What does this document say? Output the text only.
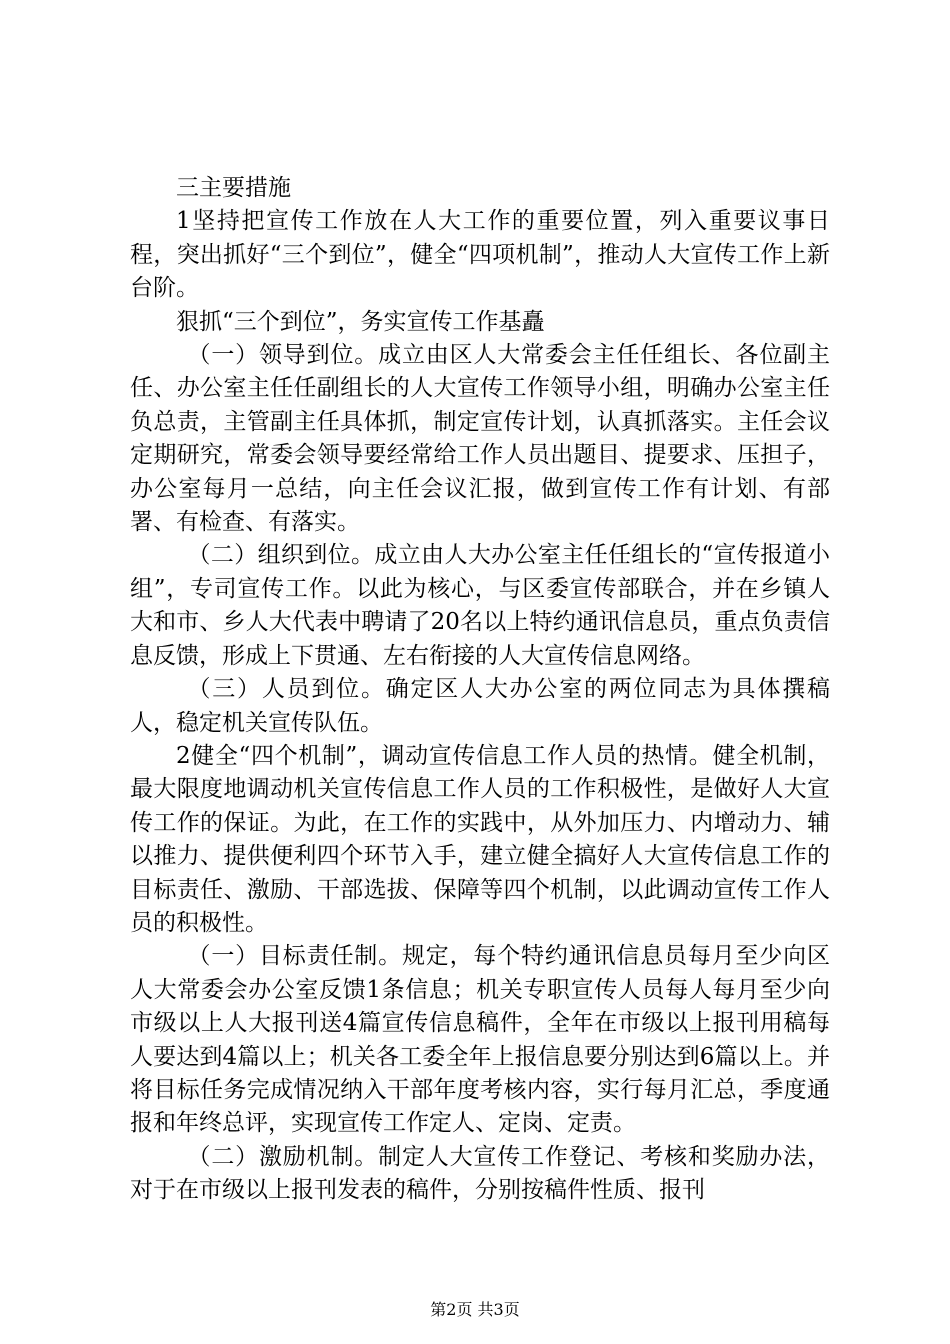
三主要措施

1坚持把宣传工作放在人大工作的重要位置，列入重要议事日程，突出抓好“三个到位”，健全“四项机制”，推动人大宣传工作上新台阶。

狠抓“三个到位”，务实宣传工作基矗

（一）领导到位。成立由区人大常委会主任任组长、各位副主任、办公室主任任副组长的人大宣传工作领导小组，明确办公室主任负总责，主管副主任具体抓，制定宣传计划，认真抓落实。主任会议定期研究，常委会领导要经常给工作人员出题目、提要求、压担子，办公室每月一总结，向主任会议汇报，做到宣传工作有计划、有部署、有检查、有落实。

（二）组织到位。成立由人大办公室主任任组长的“宣传报道小组”，专司宣传工作。以此为核心，与区委宣传部联合，并在乡镇人大和市、乡人大代表中聘请了20名以上特约通讯信息员，重点负责信息反馈，形成上下贯通、左右衔接的人大宣传信息网络。

（三）人员到位。确定区人大办公室的两位同志为具体撰稿人，稳定机关宣传队伍。

2健全“四个机制”，调动宣传信息工作人员的热情。健全机制，最大限度地调动机关宣传信息工作人员的工作积极性，是做好人大宣传工作的保证。为此，在工作的实践中，从外加压力、内增动力、辅以推力、提供便利四个环节入手，建立健全搞好人大宣传信息工作的目标责任、激励、干部选拔、保障等四个机制，以此调动宣传工作人员的积极性。

（一）目标责任制。规定，每个特约通讯信息员每月至少向区人大常委会办公室反馈1条信息；机关专职宣传人员每人每月至少向市级以上人大报刊送4篇宣传信息稿件，全年在市级以上报刊用稿每人要达到4篇以上；机关各工委全年上报信息要分别达到6篇以上。并将目标任务完成情况纳入干部年度考核内容，实行每月汇总，季度通报和年终总评，实现宣传工作定人、定岗、定责。

（二）激励机制。制定人大宣传工作登记、考核和奖励办法，对于在市级以上报刊发表的稿件，分别按稿件性质、报刊

第2页 共3页
